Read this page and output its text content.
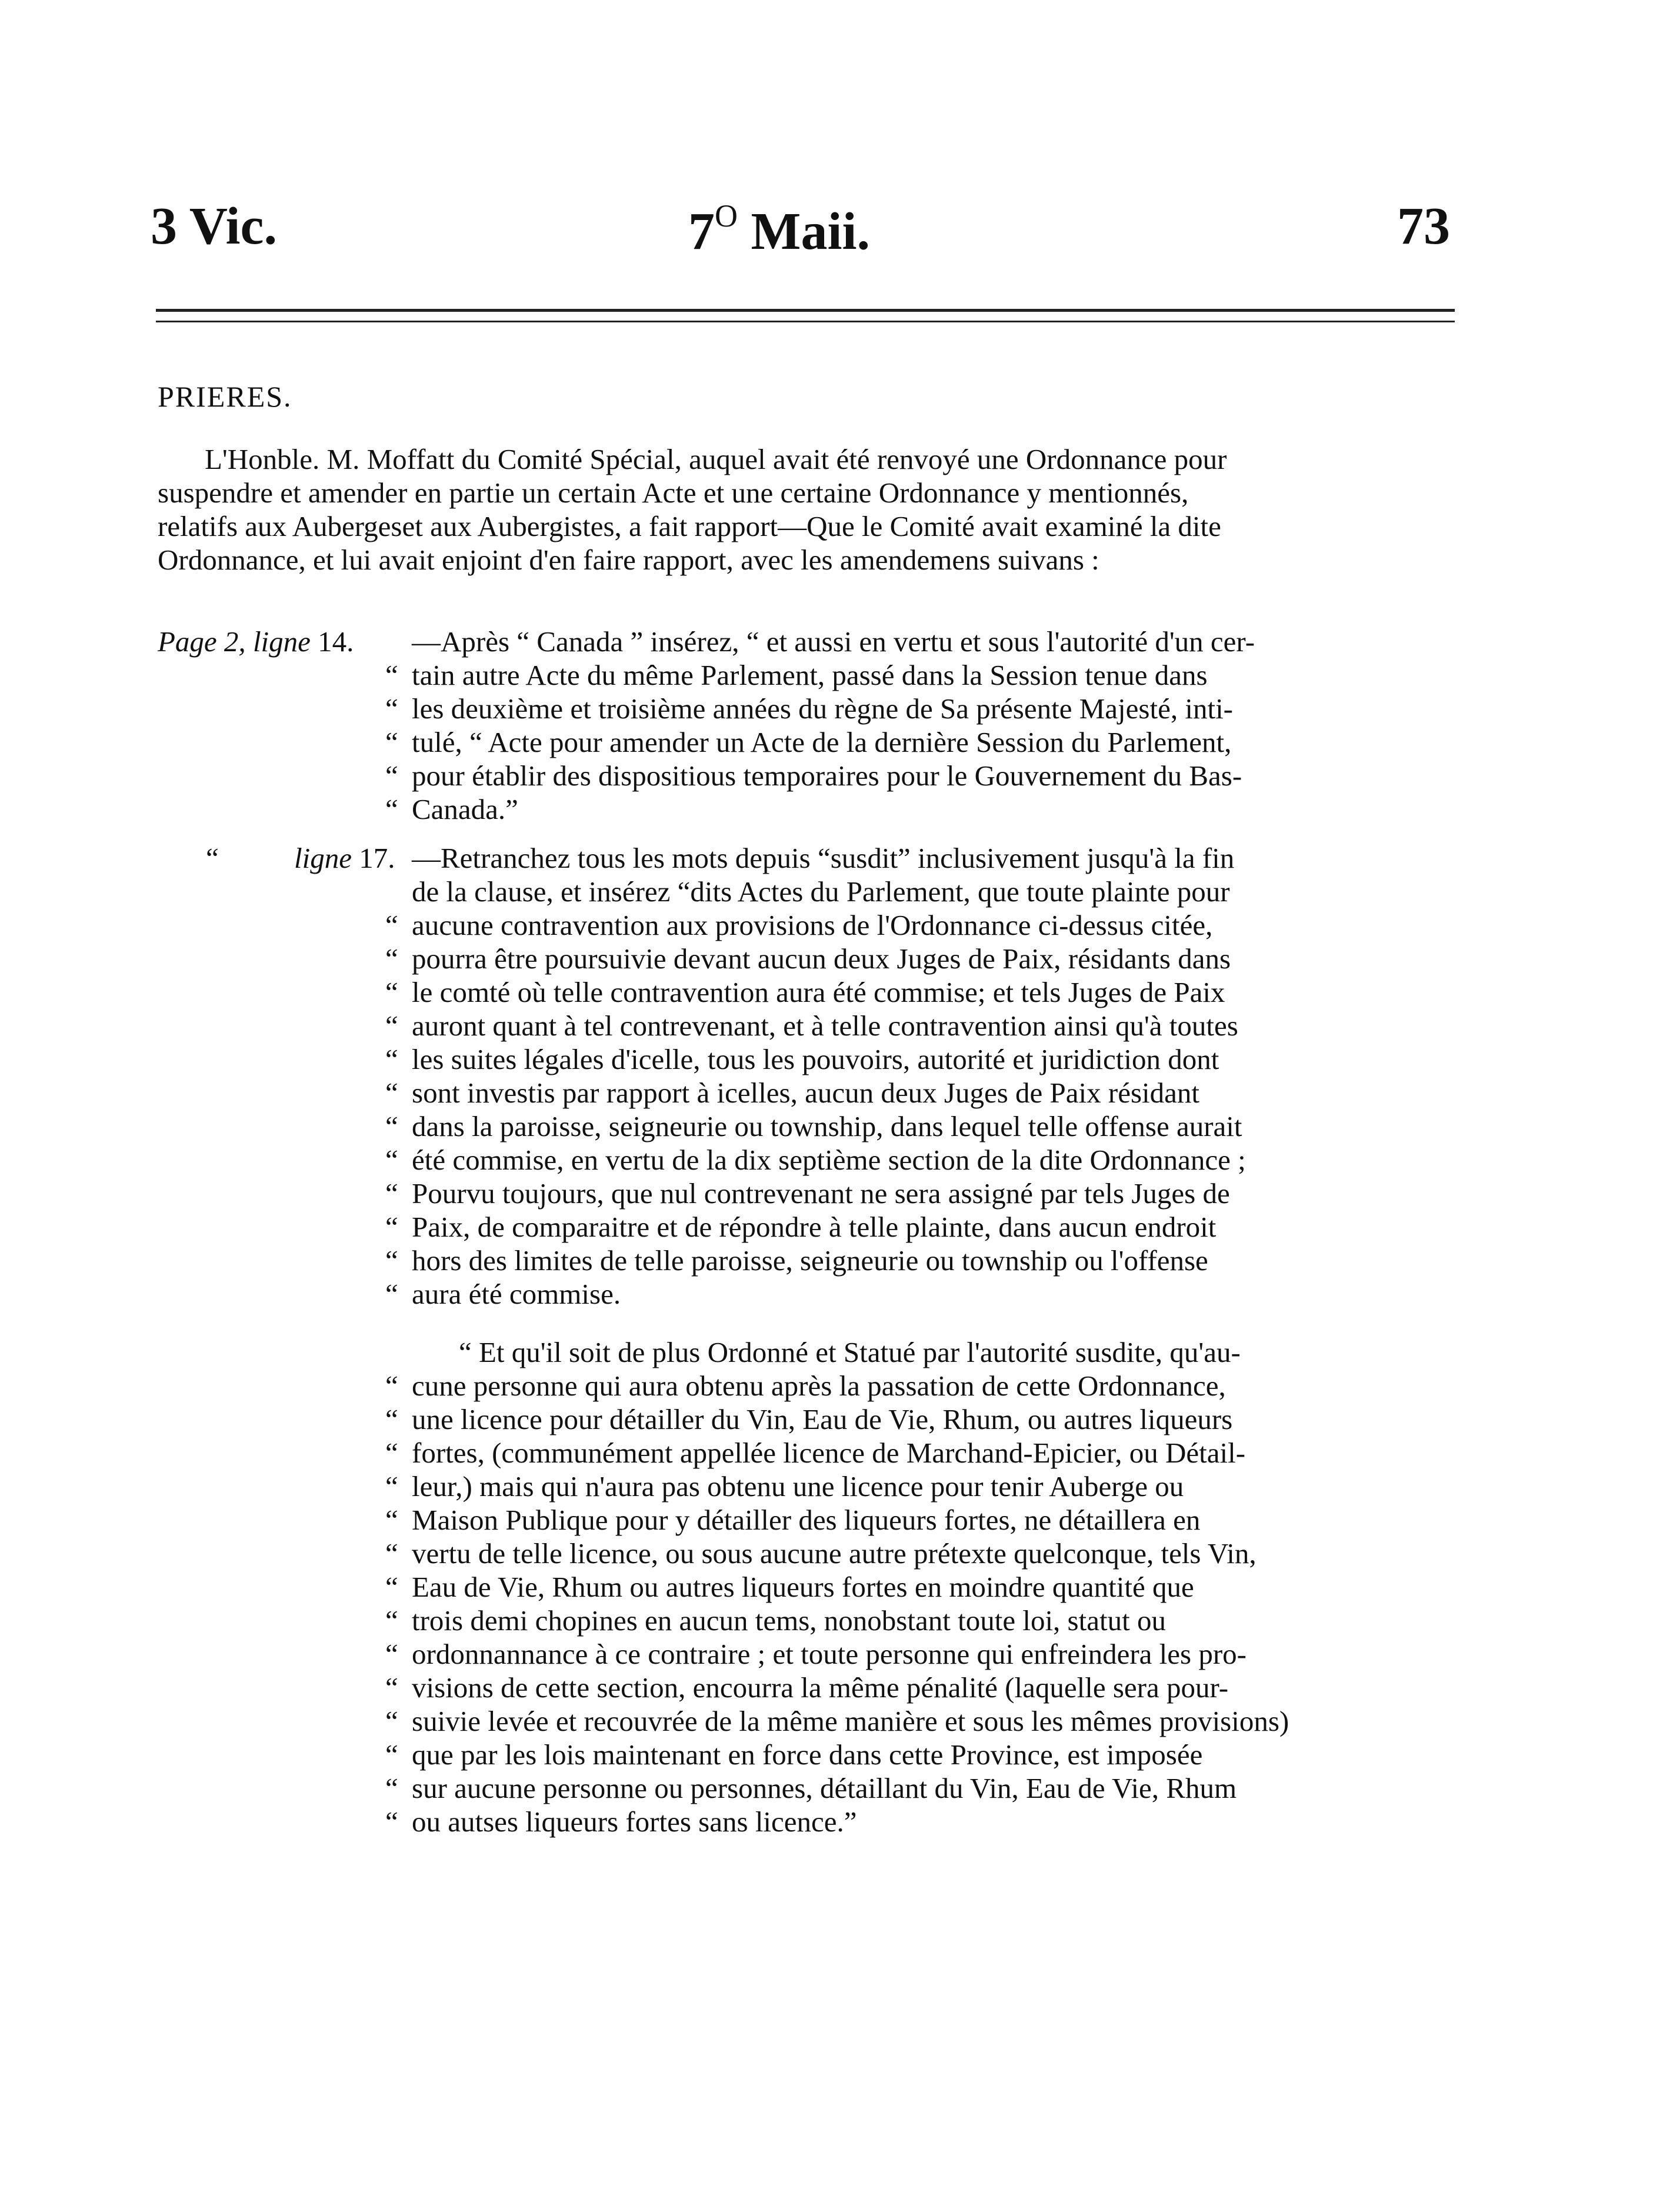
3 Vic.	$7^O$ Maii.	73
PRIERES.
L'Honble. M. Moffatt du Comité Spécial, auquel avait été renvoyé une Ordonnance pour
suspendre et amender en partie un certain Acte et une certaine Ordonnance y mentionnés,
relatifs aux Aubergeset aux Aubergistes, a fait rapport—Que le Comité avait examiné la dite
Ordonnance, et lui avait enjoint d'en faire rapport, avec les amendemens suivans :
Page 2, ligne 14. —Après “ Canada ” insérez, “ et aussi en vertu et sous l'autorité d'un cer-
“ tain autre Acte du même Parlement, passé dans la Session tenue dans
“ les deuxième et troisième années du règne de Sa présente Majesté, inti-
“ tulé, “ Acte pour amender un Acte de la dernière Session du Parlement,
“ pour établir des dispositious temporaires pour le Gouvernement du Bas-
“ Canada.”
“	ligne 17. —Retranchez tous les mots depuis “susdit” inclusivement jusqu'à la fin
de la clause, et insérez “dits Actes du Parlement, que toute plainte pour
“ aucune contravention aux provisions de l'Ordonnance ci-dessus citée,
“ pourra être poursuivie devant aucun deux Juges de Paix, résidants dans
“ le comté où telle contravention aura été commise; et tels Juges de Paix
“ auront quant à tel contrevenant, et à telle contravention ainsi qu'à toutes
“ les suites légales d'icelle, tous les pouvoirs, autorité et juridiction dont
“ sont investis par rapport à icelles, aucun deux Juges de Paix résidant
“ dans la paroisse, seigneurie ou township, dans lequel telle offense aurait
“ été commise, en vertu de la dix septième section de la dite Ordonnance ;
“ Pourvu toujours, que nul contrevenant ne sera assigné par tels Juges de
“ Paix, de comparaitre et de répondre à telle plainte, dans aucun endroit
“ hors des limites de telle paroisse, seigneurie ou township ou l'offense
“ aura été commise.
“ Et qu'il soit de plus Ordonné et Statué par l'autorité susdite, qu'au-
“ cune personne qui aura obtenu après la passation de cette Ordonnance,
“ une licence pour détailler du Vin, Eau de Vie, Rhum, ou autres liqueurs
“ fortes, (communément appellée licence de Marchand-Epicier, ou Détail-
“ leur,) mais qui n'aura pas obtenu une licence pour tenir Auberge ou
“ Maison Publique pour y détailler des liqueurs fortes, ne détaillera en
“ vertu de telle licence, ou sous aucune autre prétexte quelconque, tels Vin,
“ Eau de Vie, Rhum ou autres liqueurs fortes en moindre quantité que
“ trois demi chopines en aucun tems, nonobstant toute loi, statut ou
“ ordonnannance à ce contraire ; et toute personne qui enfreindera les pro-
“ visions de cette section, encourra la même pénalité (laquelle sera pour-
“ suivie levée et recouvrée de la même manière et sous les mêmes provisions)
“ que par les lois maintenant en force dans cette Province, est imposée
“ sur aucune personne ou personnes, détaillant du Vin, Eau de Vie, Rhum
“ ou autses liqueurs fortes sans licence.”
